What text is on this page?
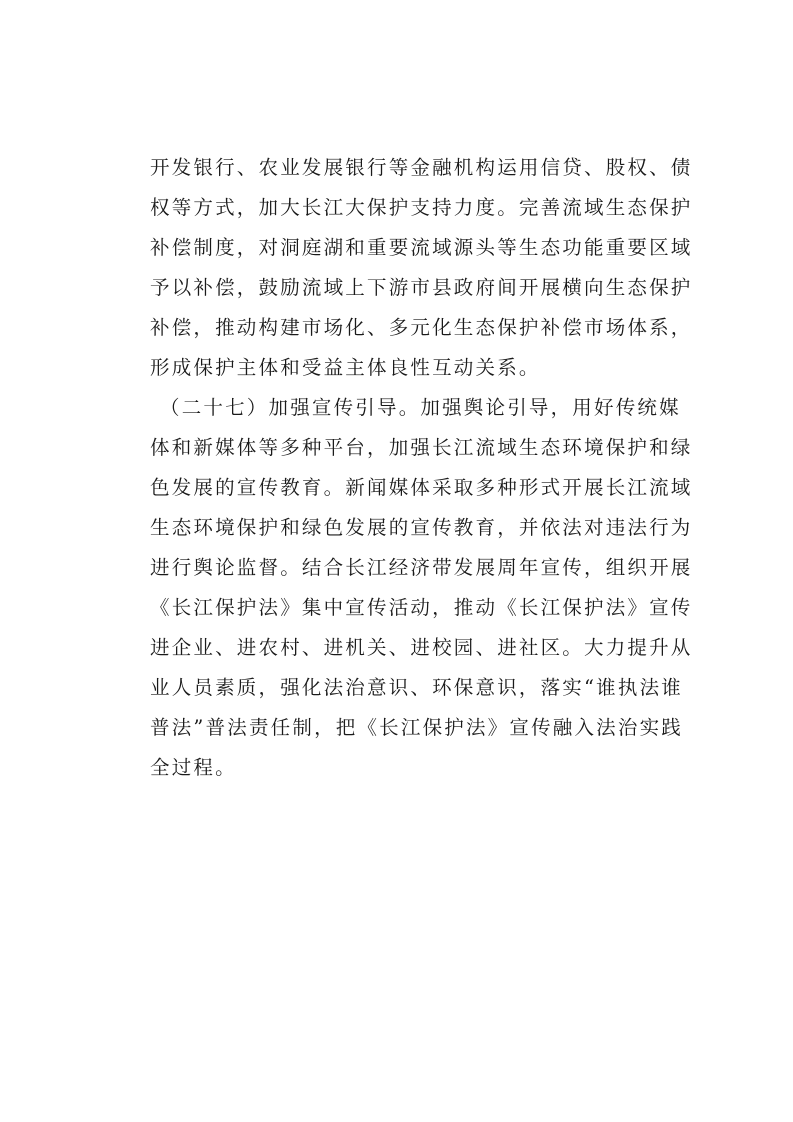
开发银行、农业发展银行等金融机构运用信贷、股权、债
权等方式，加大长江大保护支持力度。完善流域生态保护
补偿制度，对洞庭湖和重要流域源头等生态功能重要区域
予以补偿，鼓励流域上下游市县政府间开展横向生态保护
补偿，推动构建市场化、多元化生态保护补偿市场体系，
形成保护主体和受益主体良性互动关系。
（二十七）加强宣传引导。加强舆论引导，用好传统媒
体和新媒体等多种平台，加强长江流域生态环境保护和绿
色发展的宣传教育。新闻媒体采取多种形式开展长江流域
生态环境保护和绿色发展的宣传教育，并依法对违法行为
进行舆论监督。结合长江经济带发展周年宣传，组织开展
《长江保护法》集中宣传活动，推动《长江保护法》宣传
进企业、进农村、进机关、进校园、进社区。大力提升从
业人员素质，强化法治意识、环保意识，落实“谁执法谁
普法”普法责任制，把《长江保护法》宣传融入法治实践
全过程。
